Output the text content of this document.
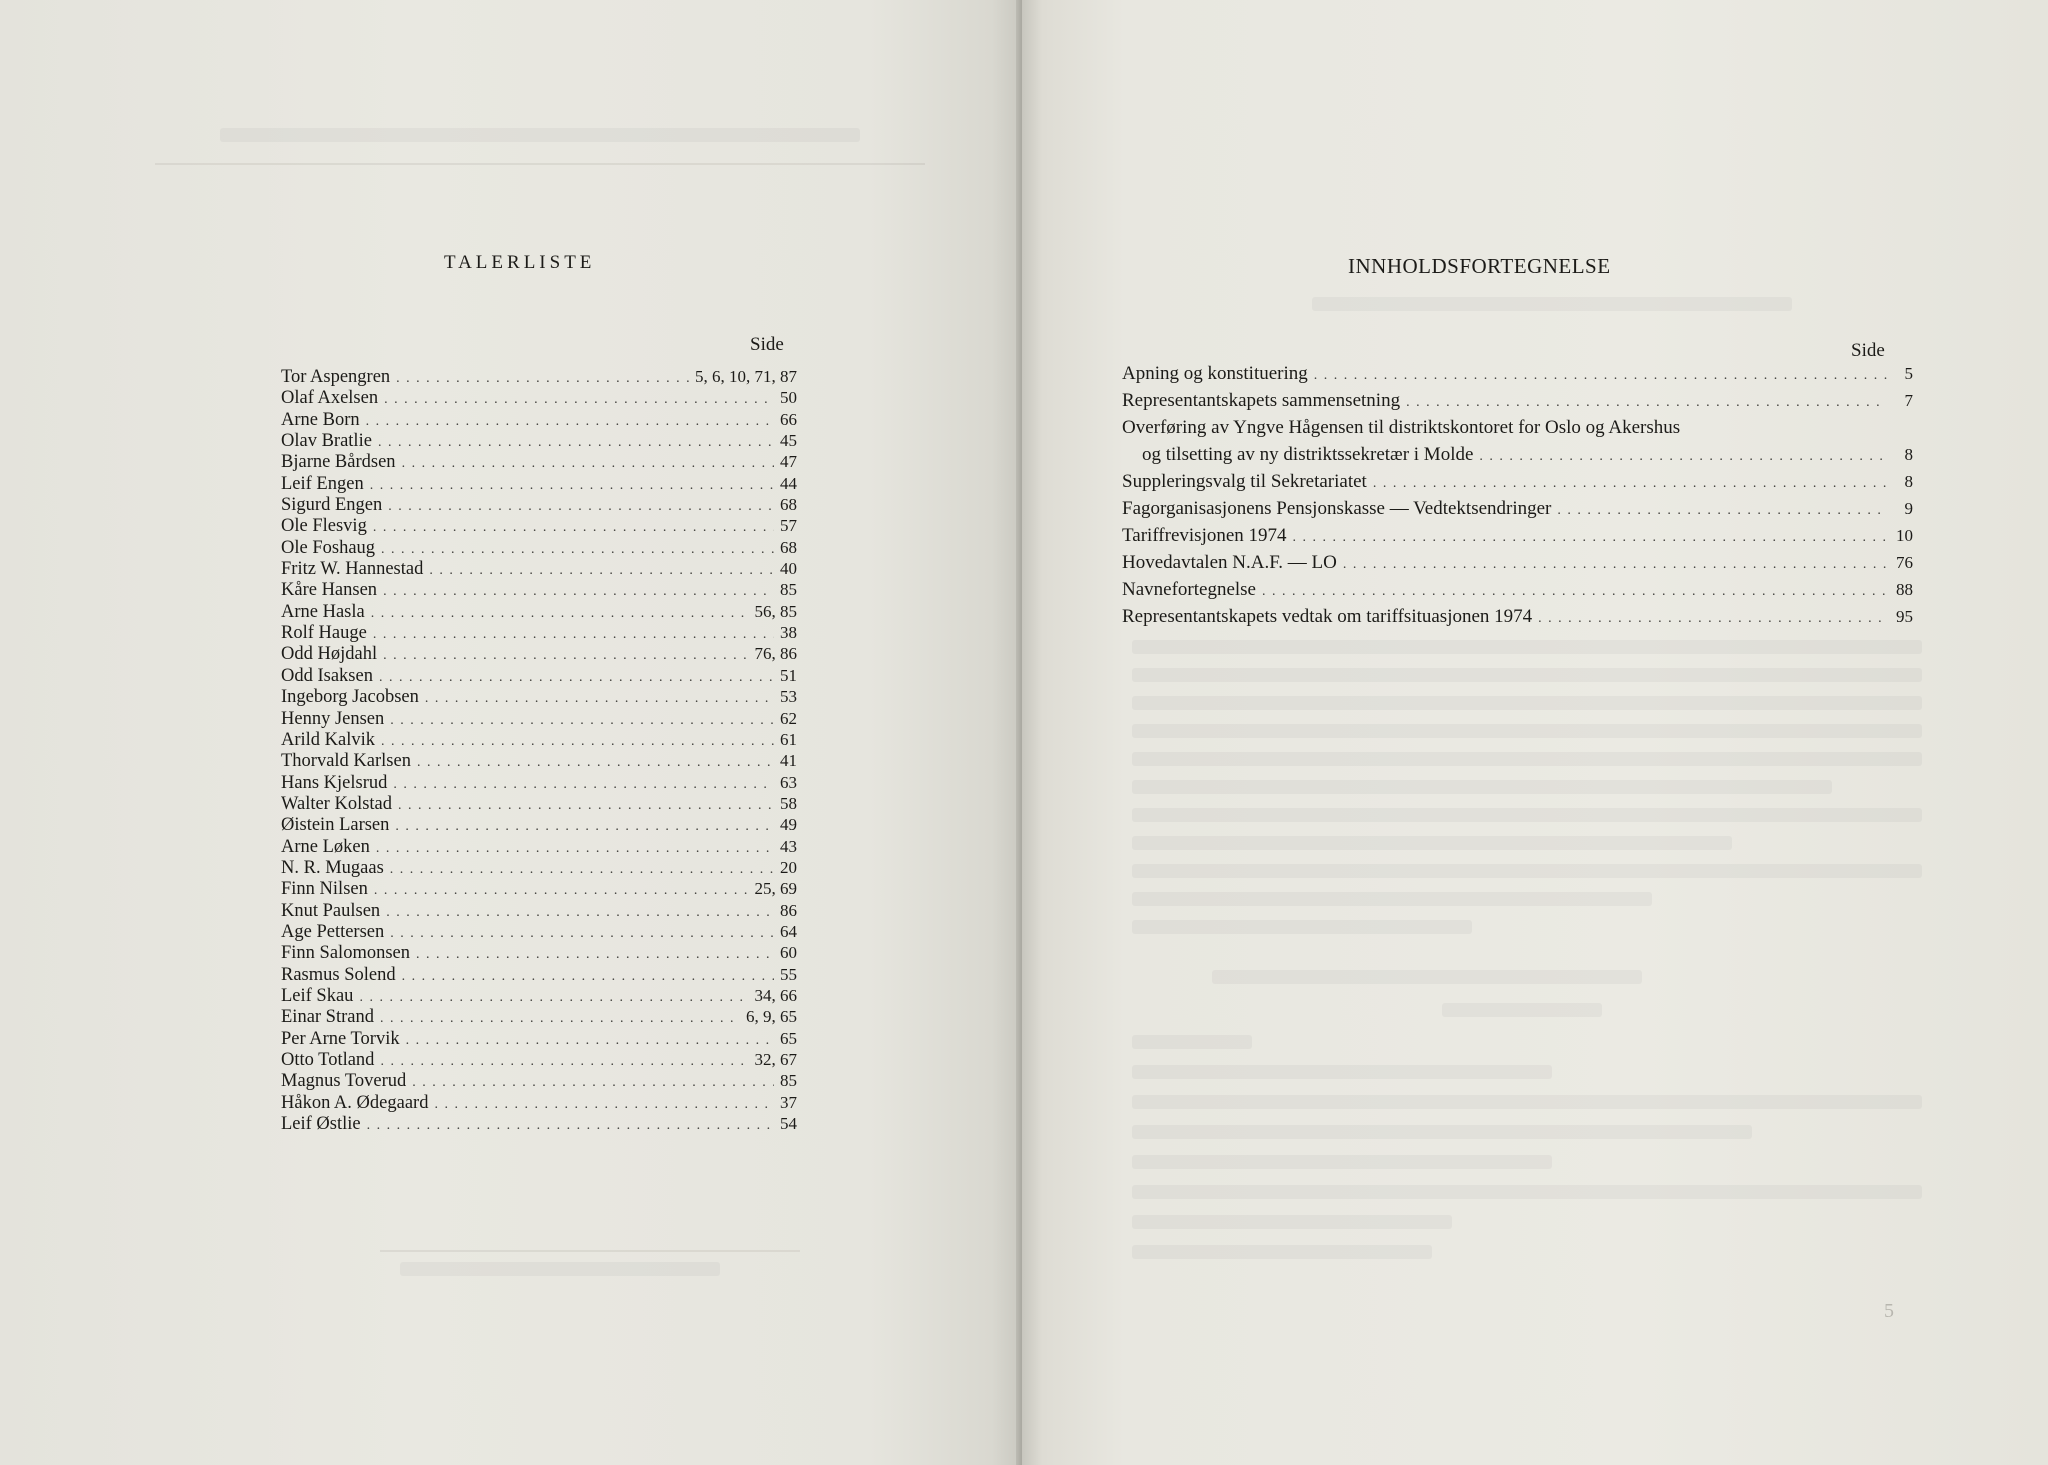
TALERLISTE
Side
Tor Aspengren . . .	5, 6, 10, 71, 87
Olaf Axelsen . . .	50
Arne Born . . .	66
Olav Bratlie . . .	45
Bjarne Bårdsen . . .	47
Leif Engen . . .	44
Sigurd Engen . . .	68
Ole Flesvig . . .	57
Ole Foshaug . . .	68
Fritz W. Hannestad . . .	40
Kåre Hansen . . .	85
Arne Hasla . . .	56, 85
Rolf Hauge . . .	38
Odd Højdahl . . .	76, 86
Odd Isaksen . . .	51
Ingeborg Jacobsen . . .	53
Henny Jensen . . .	62
Arild Kalvik . . .	61
Thorvald Karlsen . . .	41
Hans Kjelsrud . . .	63
Walter Kolstad . . .	58
Øistein Larsen . . .	49
Arne Løken . . .	43
N. R. Mugaas . . .	20
Finn Nilsen . . .	25, 69
Knut Paulsen . . .	86
Age Pettersen . . .	64
Finn Salomonsen . . .	60
Rasmus Solend . . .	55
Leif Skau . . .	34, 66
Einar Strand . . .	6, 9, 65
Per Arne Torvik . . .	65
Otto Totland . . .	32, 67
Magnus Toverud . . .	85
Håkon A. Ødegaard . . .	37
Leif Østlie . . .	54
INNHOLDSFORTEGNELSE
Side
Apning og konstituering . . .	5
Representantskapets sammensetning . . .	7
Overføring av Yngve Hågensen til distriktskontoret for Oslo og Akershus
og tilsetting av ny distriktssekretær i Molde . . .	8
Suppleringsvalg til Sekretariatet . . .	8
Fagorganisasjonens Pensjonskasse — Vedtektsendringer . . .	9
Tariffrevisjonen 1974 . . .	10
Hovedavtalen N.A.F. — LO . . .	76
Navnefortegnelse . . .	88
Representantskapets vedtak om tariffsituasjonen 1974 . . .	95
5
